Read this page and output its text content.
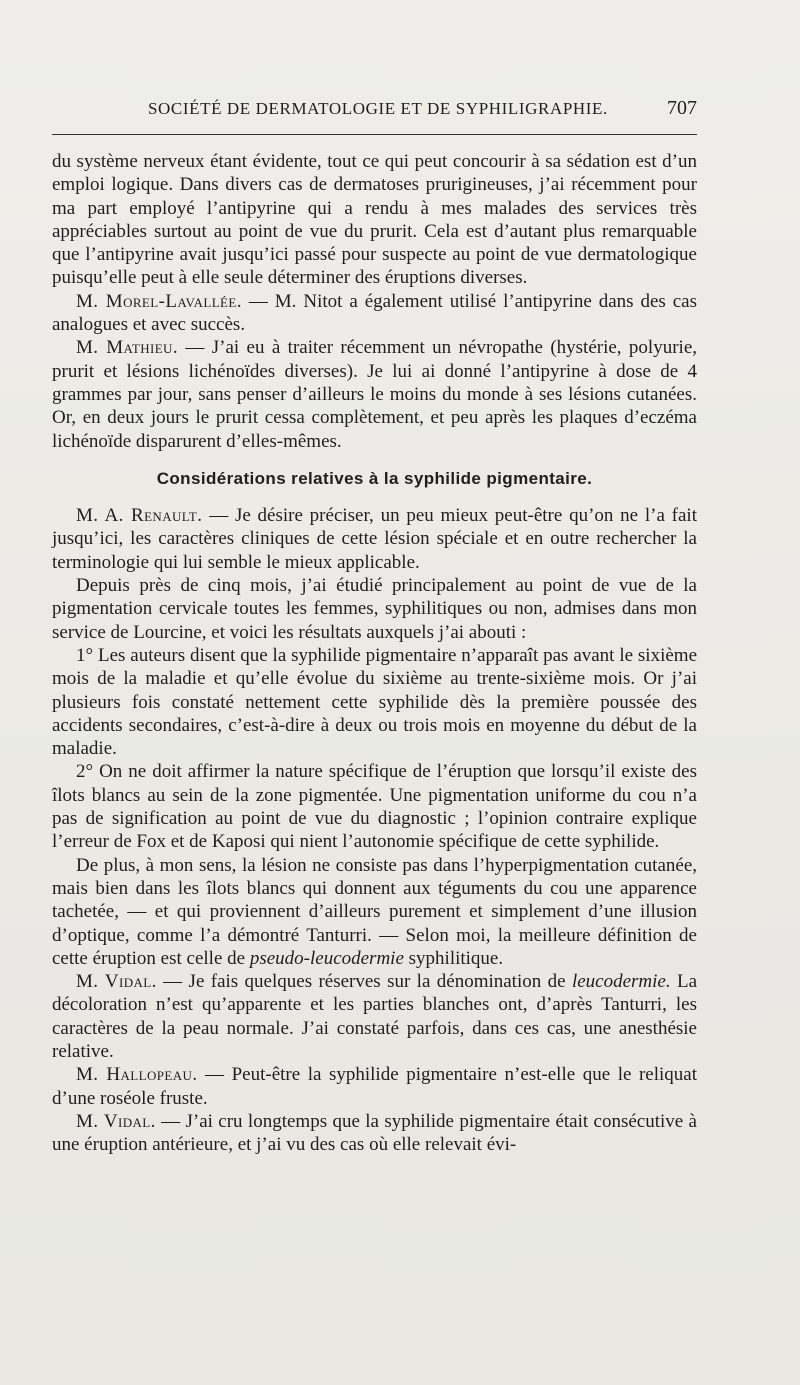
SOCIÉTÉ DE DERMATOLOGIE ET DE SYPHILIGRAPHIE.	707

du système nerveux étant évidente, tout ce qui peut concourir à sa sédation est d’un emploi logique. Dans divers cas de dermatoses prurigineuses, j’ai récemment pour ma part employé l’antipyrine qui a rendu à mes malades des services très appréciables surtout au point de vue du prurit. Cela est d’autant plus remarquable que l’antipyrine avait jusqu’ici passé pour suspecte au point de vue dermatologique puisqu’elle peut à elle seule déterminer des éruptions diverses.

M. Morel-Lavallée. — M. Nitot a également utilisé l’antipyrine dans des cas analogues et avec succès.

M. Mathieu. — J’ai eu à traiter récemment un névropathe (hystérie, polyurie, prurit et lésions lichénoïdes diverses). Je lui ai donné l’antipyrine à dose de 4 grammes par jour, sans penser d’ailleurs le moins du monde à ses lésions cutanées. Or, en deux jours le prurit cessa complètement, et peu après les plaques d’eczéma lichénoïde disparurent d’elles-mêmes.

Considérations relatives à la syphilide pigmentaire.

M. A. Renault. — Je désire préciser, un peu mieux peut-être qu’on ne l’a fait jusqu’ici, les caractères cliniques de cette lésion spéciale et en outre rechercher la terminologie qui lui semble le mieux applicable.

Depuis près de cinq mois, j’ai étudié principalement au point de vue de la pigmentation cervicale toutes les femmes, syphilitiques ou non, admises dans mon service de Lourcine, et voici les résultats auxquels j’ai abouti :

1° Les auteurs disent que la syphilide pigmentaire n’apparaît pas avant le sixième mois de la maladie et qu’elle évolue du sixième au trente-sixième mois. Or j’ai plusieurs fois constaté nettement cette syphilide dès la première poussée des accidents secondaires, c’est-à-dire à deux ou trois mois en moyenne du début de la maladie.

2° On ne doit affirmer la nature spécifique de l’éruption que lorsqu’il existe des îlots blancs au sein de la zone pigmentée. Une pigmentation uniforme du cou n’a pas de signification au point de vue du diagnostic ; l’opinion contraire explique l’erreur de Fox et de Kaposi qui nient l’autonomie spécifique de cette syphilide.

De plus, à mon sens, la lésion ne consiste pas dans l’hyperpigmentation cutanée, mais bien dans les îlots blancs qui donnent aux téguments du cou une apparence tachetée, — et qui proviennent d’ailleurs purement et simplement d’une illusion d’optique, comme l’a démontré Tanturri. — Selon moi, la meilleure définition de cette éruption est celle de pseudo-leucodermie syphilitique.

M. Vidal. — Je fais quelques réserves sur la dénomination de leucodermie. La décoloration n’est qu’apparente et les parties blanches ont, d’après Tanturri, les caractères de la peau normale. J’ai constaté parfois, dans ces cas, une anesthésie relative.

M. Hallopeau. — Peut-être la syphilide pigmentaire n’est-elle que le reliquat d’une roséole fruste.

M. Vidal. — J’ai cru longtemps que la syphilide pigmentaire était consécutive à une éruption antérieure, et j’ai vu des cas où elle relevait évi-
